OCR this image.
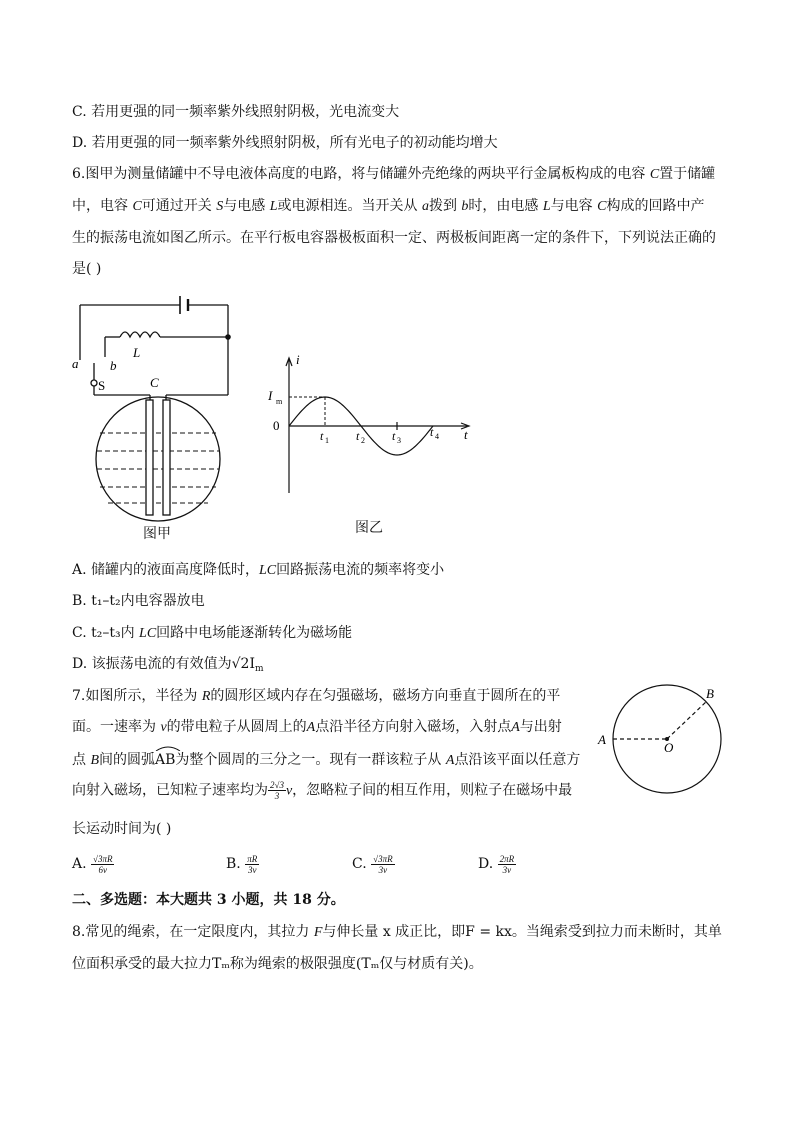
C. 若用更强的同一频率紫外线照射阴极，光电流变大
D. 若用更强的同一频率紫外线照射阴极，所有光电子的初动能均增大
6.图甲为测量储罐中不导电液体高度的电路，将与储罐外壳绝缘的两块平行金属板构成的电容 C置于储罐
中，电容 C可通过开关 S与电感 L或电源相连。当开关从 a拨到 b时，由电感 L与电容 C构成的回路中产
生的振荡电流如图乙所示。在平行板电容器极板面积一定、两极板间距离一定的条件下，下列说法正确的
是( )
a b
S
L
C
图甲
i
t
I m
0
t 1 t 2 t 3
t 4
图乙
A. 储罐内的液面高度降低时，LC回路振荡电流的频率将变小
B. t₁–t₂内电容器放电
C. t₂–t₃内 LC回路中电场能逐渐转化为磁场能
D. 该振荡电流的有效值为$√2I_m$
7.如图所示，半径为 R的圆形区域内存在匀强磁场，磁场方向垂直于圆所在的平
面。一速率为 v的带电粒子从圆周上的A点沿半径方向射入磁场，入射点A与出射
点 B间的圆弧
AB为整个圆周的三分之一。现有一群该粒子从 A点沿该平面以任意方
向射入磁场，已知粒子速率均为 $\frac{2√3}{3}$ v，忽略粒子间的相互作用，则粒子在磁场中最
长运动时间为( )
A
B
O
A. $\frac{√3\pi R}{6v}$	B. $\frac{\pi R}{3v}$	C. $\frac{√3\pi R}{3v}$	D. $\frac{2\pi R}{3v}$
二、多选题：本大题共 3 小题，共 18 分。
8.常见的绳索，在一定限度内，其拉力 F与伸长量 x 成正比，即F = kx。当绳索受到拉力而未断时，其单
位面积承受的最大拉力Tₘ称为绳索的极限强度(Tₘ仅与材质有关)。
